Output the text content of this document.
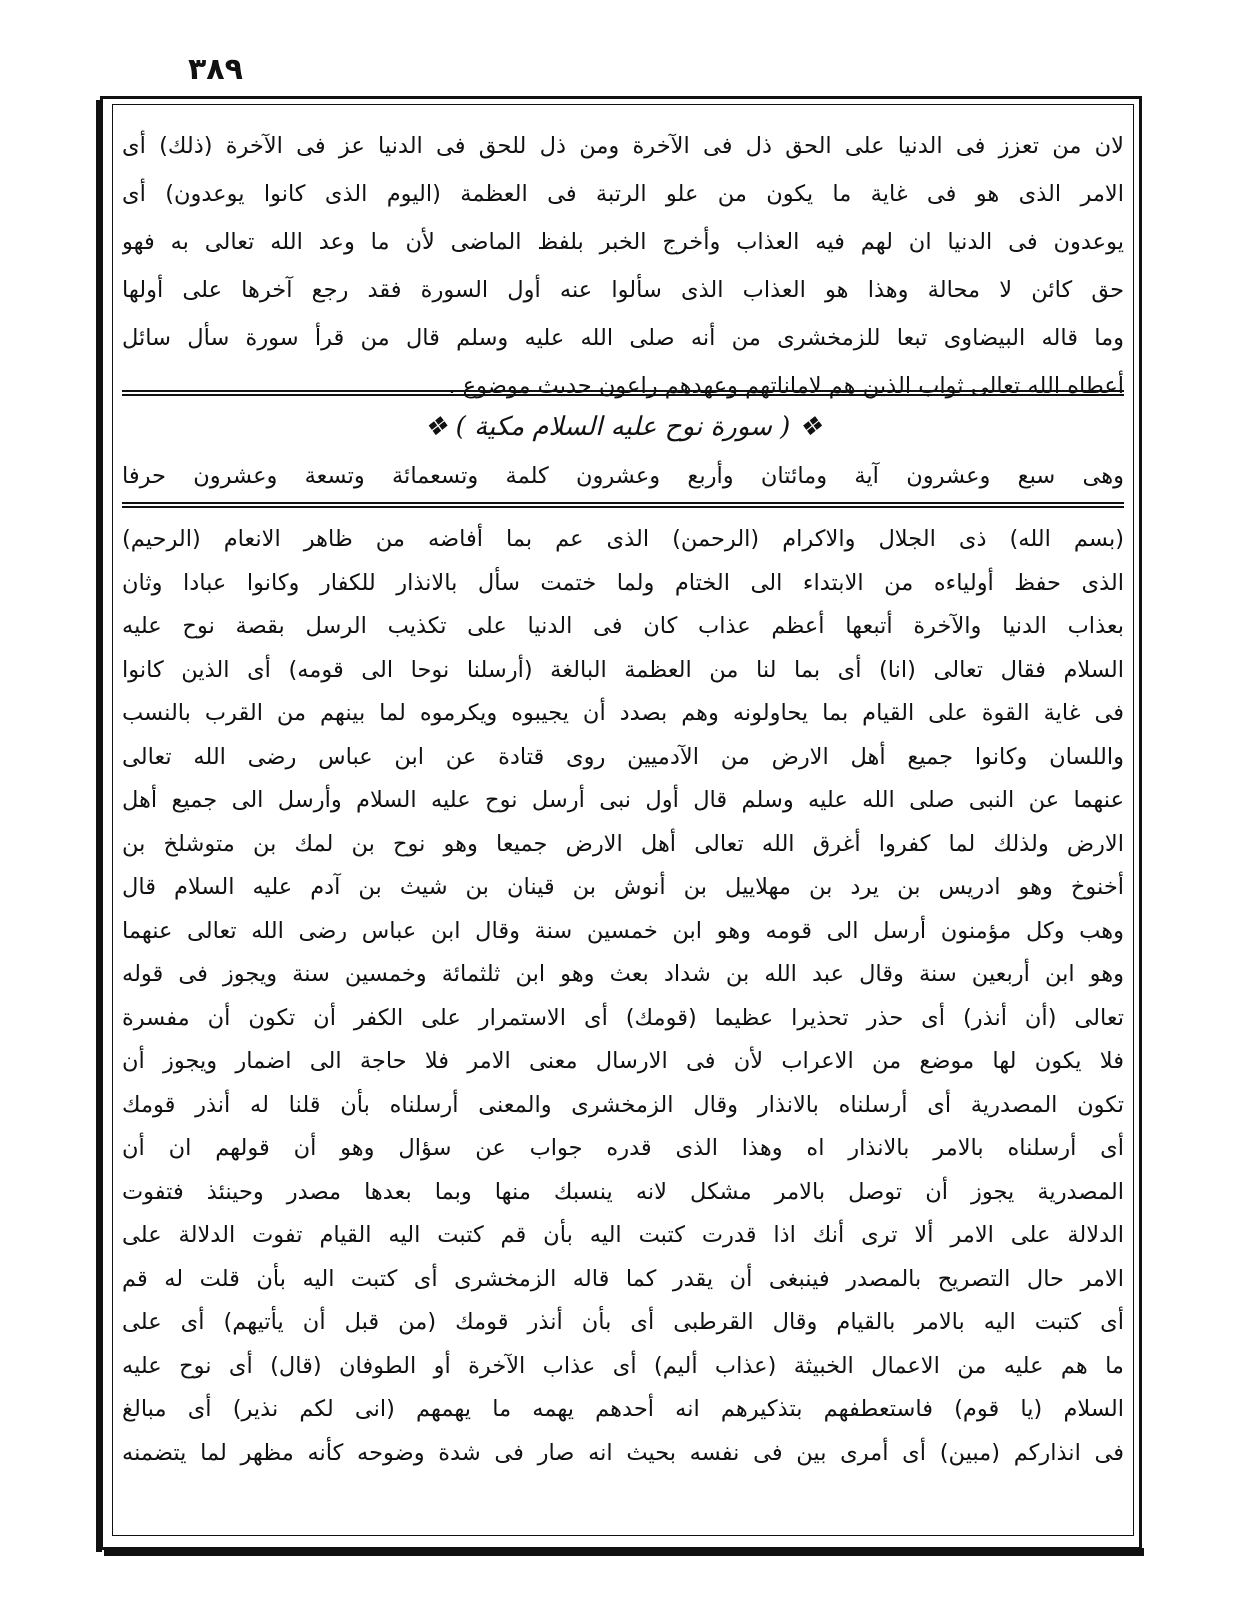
٣٨٩
لان من تعزز فى الدنيا على الحق ذل فى الآخرة ومن ذل للحق فى الدنيا عز فى الآخرة (ذلك) أى
الامر الذى هو فى غاية ما يكون من علو الرتبة فى العظمة (اليوم الذى كانوا يوعدون) أى
يوعدون فى الدنيا ان لهم فيه العذاب وأخرج الخبر بلفظ الماضى لأن ما وعد الله تعالى به فهو
حق كائن لا محالة وهذا هو العذاب الذى سألوا عنه أول السورة فقد رجع آخرها على أولها
وما قاله البيضاوى تبعا للزمخشرى من أنه صلى الله عليه وسلم قال من قرأ سورة سأل سائل
أعطاه الله تعالى ثواب الذين هم لاماناتهم وعهدهم راعون حديث موضوع .
❖ ( سورة نوح عليه السلام مكية ) ❖
وهى سبع وعشرون آية ومائتان وأربع وعشرون كلمة وتسعمائة وتسعة وعشرون حرفا
(بسم الله) ذى الجلال والاكرام (الرحمن) الذى عم بما أفاضه من ظاهر الانعام (الرحيم)
الذى حفظ أولياءه من الابتداء الى الختام ولما ختمت سأل بالانذار للكفار وكانوا عبادا وثان
بعذاب الدنيا والآخرة أتبعها أعظم عذاب كان فى الدنيا على تكذيب الرسل بقصة نوح عليه
السلام فقال تعالى (انا) أى بما لنا من العظمة البالغة (أرسلنا نوحا الى قومه) أى الذين كانوا
فى غاية القوة على القيام بما يحاولونه وهم بصدد أن يجيبوه ويكرموه لما بينهم من القرب بالنسب
واللسان وكانوا جميع أهل الارض من الآدميين روى قتادة عن ابن عباس رضى الله تعالى
عنهما عن النبى صلى الله عليه وسلم قال أول نبى أرسل نوح عليه السلام وأرسل الى جميع أهل
الارض ولذلك لما كفروا أغرق الله تعالى أهل الارض جميعا وهو نوح بن لمك بن متوشلخ بن
أخنوخ وهو ادريس بن يرد بن مهلاييل بن أنوش بن قينان بن شيث بن آدم عليه السلام قال
وهب وكل مؤمنون أرسل الى قومه وهو ابن خمسين سنة وقال ابن عباس رضى الله تعالى عنهما
وهو ابن أربعين سنة وقال عبد الله بن شداد بعث وهو ابن ثلثمائة وخمسين سنة ويجوز فى قوله
تعالى (أن أنذر) أى حذر تحذيرا عظيما (قومك) أى الاستمرار على الكفر أن تكون أن مفسرة
فلا يكون لها موضع من الاعراب لأن فى الارسال معنى الامر فلا حاجة الى اضمار ويجوز أن
تكون المصدرية أى أرسلناه بالانذار وقال الزمخشرى والمعنى أرسلناه بأن قلنا له أنذر قومك
أى أرسلناه بالامر بالانذار اه وهذا الذى قدره جواب عن سؤال وهو أن قولهم ان أن
المصدرية يجوز أن توصل بالامر مشكل لانه ينسبك منها وبما بعدها مصدر وحينئذ فتفوت
الدلالة على الامر ألا ترى أنك اذا قدرت كتبت اليه بأن قم كتبت اليه القيام تفوت الدلالة على
الامر حال التصريح بالمصدر فينبغى أن يقدر كما قاله الزمخشرى أى كتبت اليه بأن قلت له قم
أى كتبت اليه بالامر بالقيام وقال القرطبى أى بأن أنذر قومك (من قبل أن يأتيهم) أى على
ما هم عليه من الاعمال الخبيثة (عذاب أليم) أى عذاب الآخرة أو الطوفان (قال) أى نوح عليه
السلام (يا قوم) فاستعطفهم بتذكيرهم انه أحدهم يهمه ما يهمهم (انى لكم نذير) أى مبالغ
فى انذاركم (مبين) أى أمرى بين فى نفسه بحيث انه صار فى شدة وضوحه كأنه مظهر لما يتضمنه
